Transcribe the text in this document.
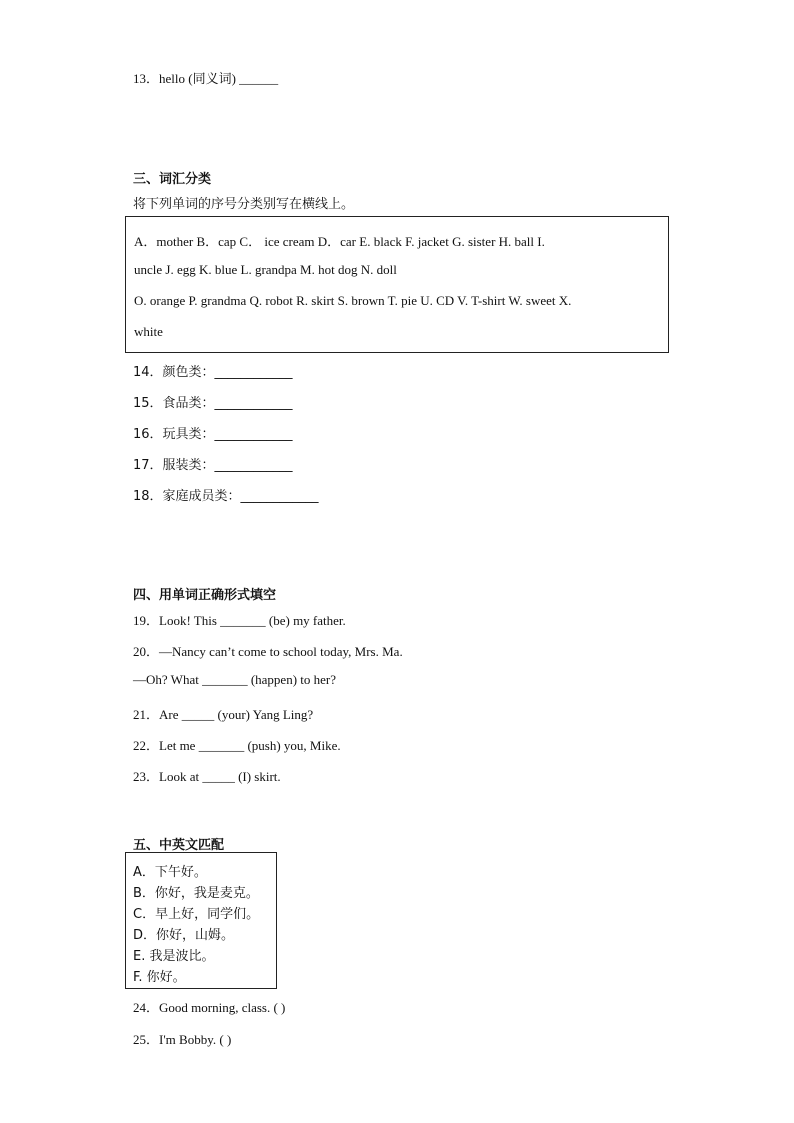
13．hello (同义词) ______
三、词汇分类
将下列单词的序号分类别写在横线上。
A．mother B．cap C． ice cream D．car E. black F. jacket G. sister H. ball I.
uncle J. egg K. blue L. grandpa M. hot dog N. doll
O. orange P. grandma Q. robot R. skirt S. brown T. pie U. CD V. T-shirt W. sweet X.
white
14．颜色类：____________
15．食品类：____________
16．玩具类：____________
17．服装类：____________
18．家庭成员类：____________
四、用单词正确形式填空
19．Look! This _______ (be) my father.
20．—Nancy can’t come to school today, Mrs. Ma.
—Oh? What _______ (happen) to her?
21．Are _____ (your) Yang Ling?
22．Let me _______ (push) you, Mike.
23．Look at _____ (I) skirt.
五、中英文匹配
A．下午好。
B．你好，我是麦克。
C．早上好，同学们。
D．你好，山姆。
E. 我是波比。
F. 你好。
24．Good morning, class. ( )
25．I'm Bobby. ( )
